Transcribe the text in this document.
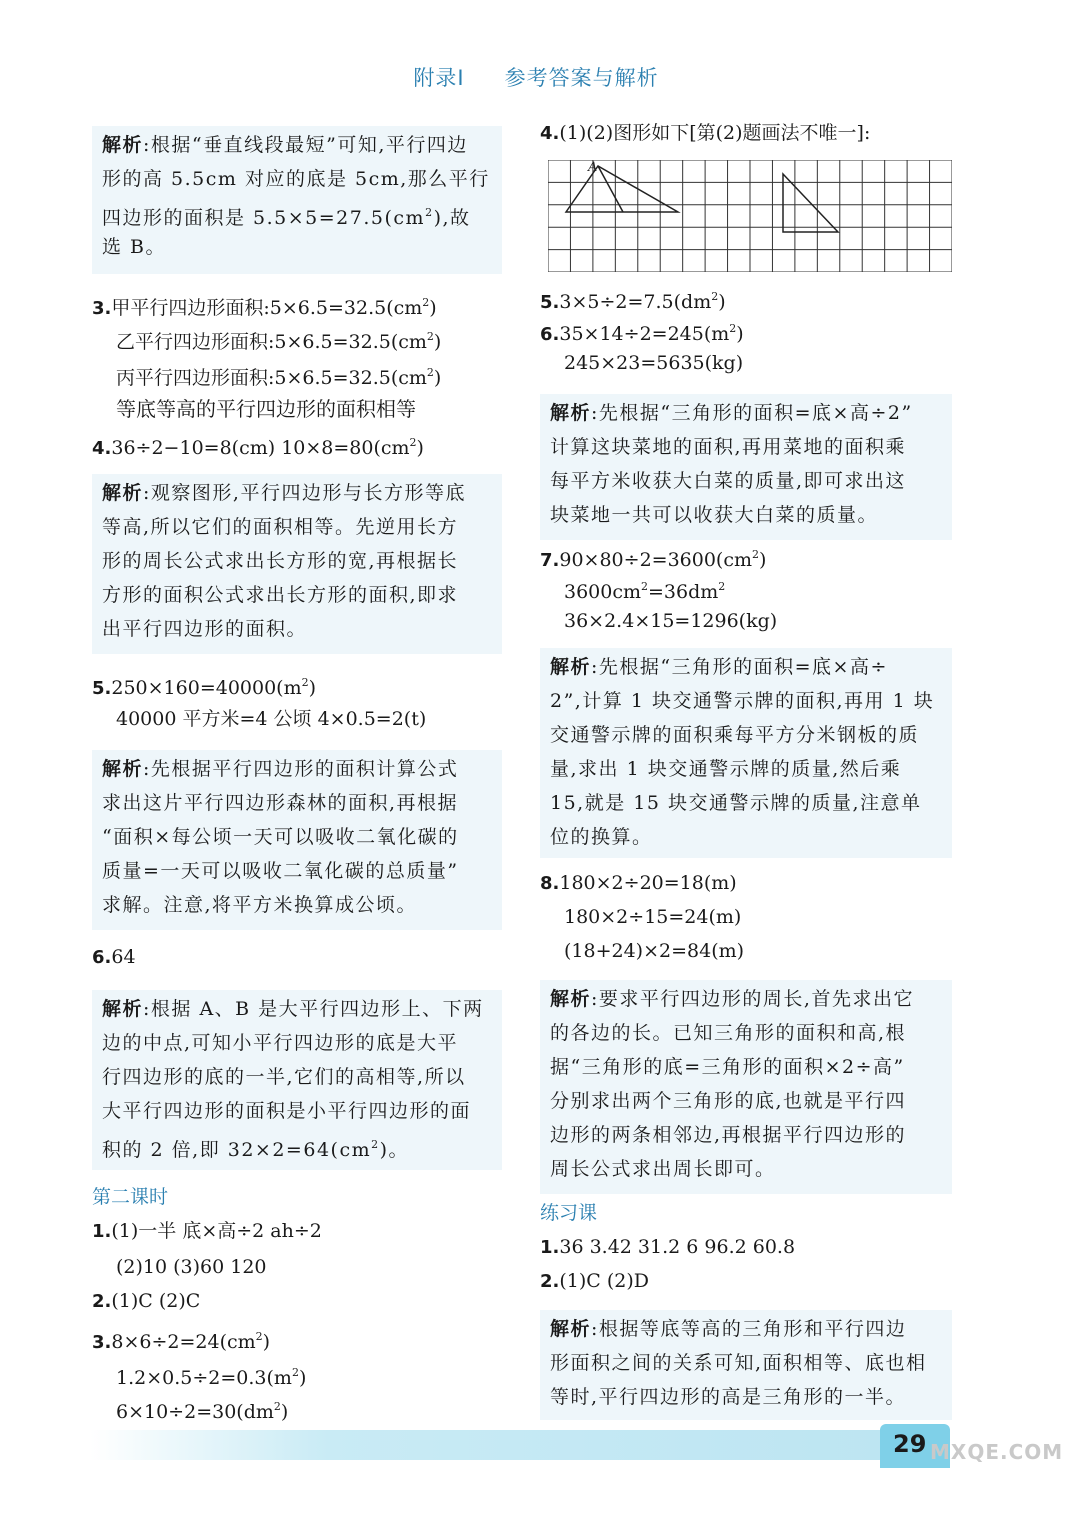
附录Ⅰ 参考答案与解析
解析:根据“垂直线段最短”可知,平行四边
形的高 5.5cm 对应的底是 5cm,那么平行
四边形的面积是 $5.5\times 5=27.5(cm^2)$,故
选 B。
3.甲平行四边形面积$:5\times 6.5=32.5(cm^2)$
乙平行四边形面积$:5\times 6.5=32.5(cm^2)$
丙平行四边形面积$:5\times 6.5=32.5(cm^2)$
等底等高的平行四边形的面积相等
4.36÷2−10=8(cm) $10\times 8=80(cm^2)$
解析:观察图形,平行四边形与长方形等底
等高,所以它们的面积相等。先逆用长方
形的周长公式求出长方形的宽,再根据长
方形的面积公式求出长方形的面积,即求
出平行四边形的面积。
$5.250\times 160=40000(m^2)$
40000 平方米=4 公顷 4×0.5=2(t)
解析:先根据平行四边形的面积计算公式
求出这片平行四边形森林的面积,再根据
“面积×每公顷一天可以吸收二氧化碳的
质量=一天可以吸收二氧化碳的总质量”
求解。注意,将平方米换算成公顷。
6.64
解析:根据 A、B 是大平行四边形上、下两
边的中点,可知小平行四边形的底是大平
行四边形的底的一半,它们的高相等,所以
大平行四边形的面积是小平行四边形的面
积的 2 倍,即 $32\times 2=64(cm^2)$。
第二课时
1.(1)一半 底×高÷2 ah÷2
(2)10 (3)60 120
2.(1)C (2)C
$3.8\times 6\div 2=24(cm^2)$
$1.2\times 0.5\div 2=0.3(m^2)$
$6\times 10\div 2=30(dm^2)$
4.(1)(2)图形如下[第(2)题画法不唯一]:
A
$5.3\times 5\div 2=7.5(dm^2)$
$6.35\times 14\div 2=245(m^2)$
245×23=5635(kg)
解析:先根据“三角形的面积=底×高÷2”
计算这块菜地的面积,再用菜地的面积乘
每平方米收获大白菜的质量,即可求出这
块菜地一共可以收获大白菜的质量。
$7.90\times 80\div 2=3600(cm^2)$
$3600cm^2=36dm^2$
36×2.4×15=1296(kg)
解析:先根据“三角形的面积=底×高÷
2”,计算 1 块交通警示牌的面积,再用 1 块
交通警示牌的面积乘每平方分米钢板的质
量,求出 1 块交通警示牌的质量,然后乘
15,就是 15 块交通警示牌的质量,注意单
位的换算。
8.180×2÷20=18(m)
180×2÷15=24(m)
(18+24)×2=84(m)
解析:要求平行四边形的周长,首先求出它
的各边的长。已知三角形的面积和高,根
据“三角形的底=三角形的面积×2÷高”
分别求出两个三角形的底,也就是平行四
边形的两条相邻边,再根据平行四边形的
周长公式求出周长即可。
练习课
1.36 3.42 31.2 6 96.2 60.8
2.(1)C (2)D
解析:根据等底等高的三角形和平行四边
形面积之间的关系可知,面积相等、底也相
等时,平行四边形的高是三角形的一半。
29 MXQE.COM
